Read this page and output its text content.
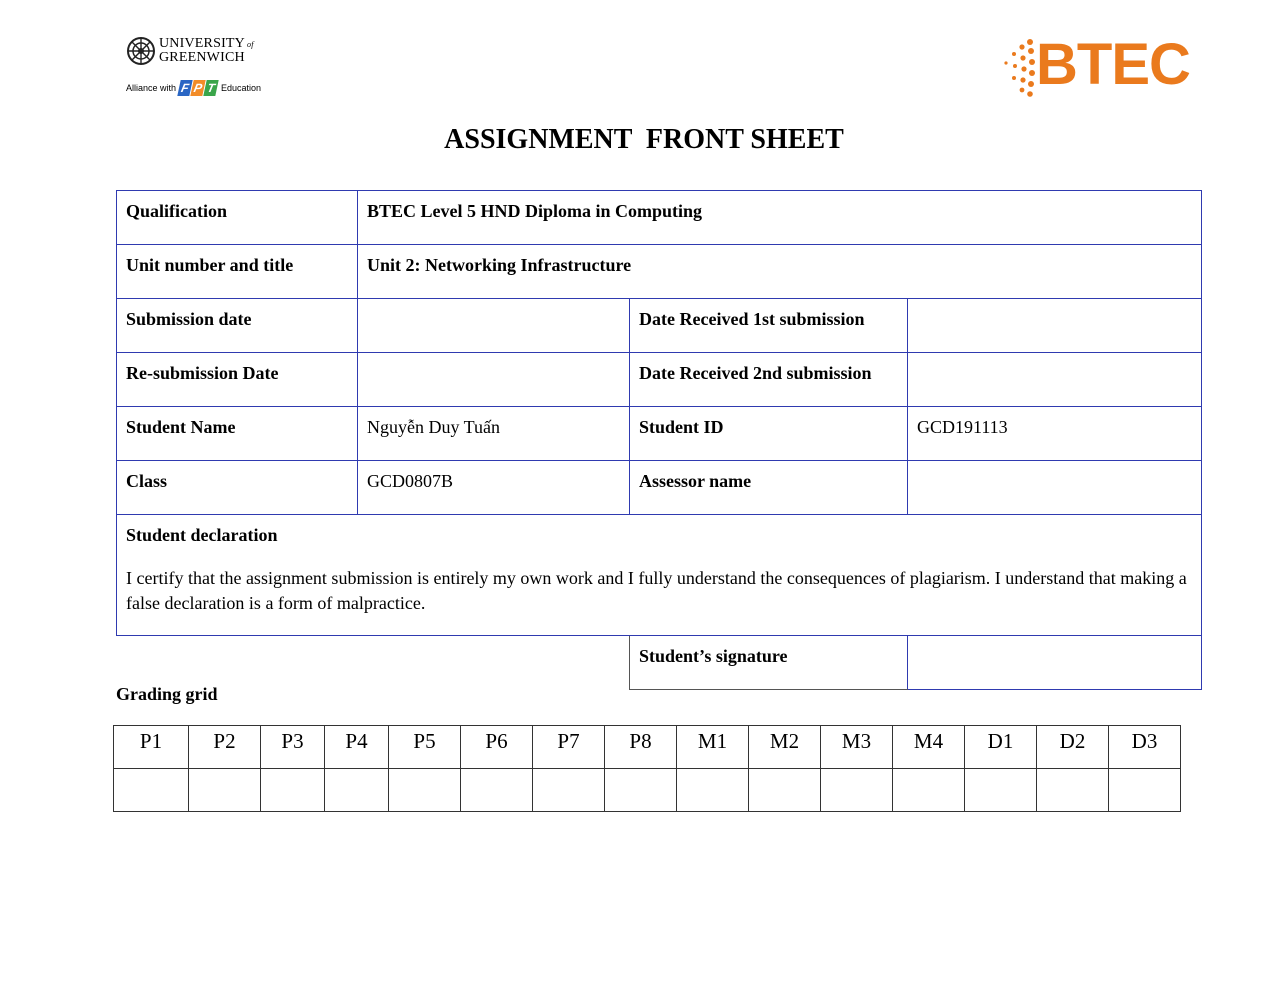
UNIVERSITY of
GREENWICH
Alliance with F P T Education	BTEC
ASSIGNMENT  FRONT SHEET
Qualification	BTEC Level 5 HND Diploma in Computing		
Unit number and title	Unit 2: Networking Infrastructure		
Submission date		Date Received 1st submission	
Re-submission Date		Date Received 2nd submission	
Student Name	Nguyễn Duy Tuấn	Student ID	GCD191113
Class	GCD0807B	Assessor name	

Student declaration
I certify that the assignment submission is entirely my own work and I fully understand the consequences of plagiarism. I understand that making a false declaration is a form of malpractice.			

		Student’s signature	
Grading grid
P1	P2	P3	P4	P5	P6	P7	P8	M1	M2	M3	M4	D1	D2	D3
